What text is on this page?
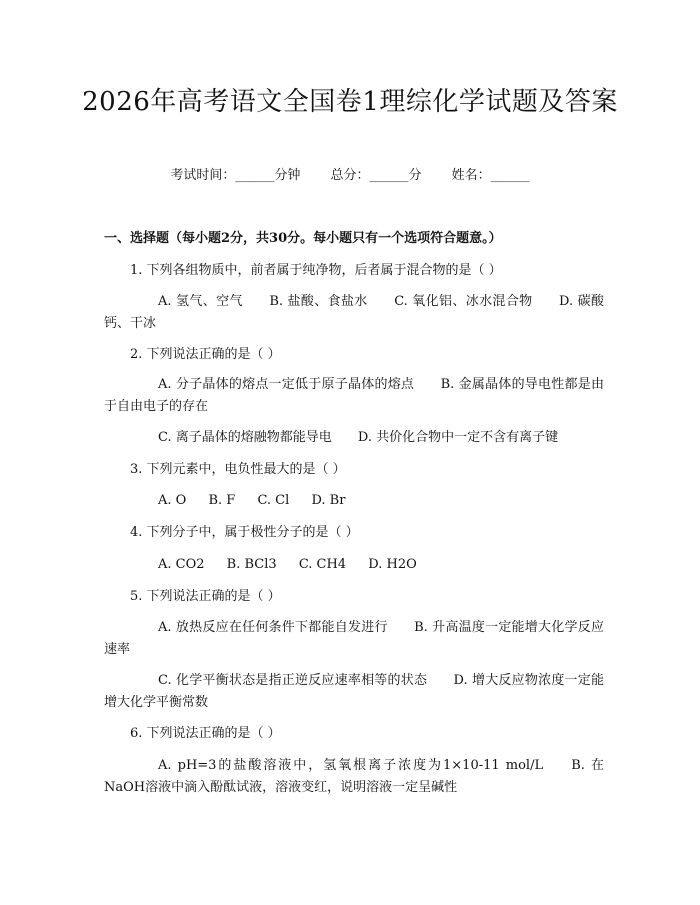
2026年高考语文全国卷1理综化学试题及答案
考试时间：______分钟 总分：______分 姓名：______
一、选择题（每小题2分，共30分。每小题只有一个选项符合题意。）
1. 下列各组物质中，前者属于纯净物，后者属于混合物的是（ ）
A. 氢气、空气 B. 盐酸、食盐水 C. 氧化铝、冰水混合物 D. 碳酸钙、干冰
2. 下列说法正确的是（ ）
A. 分子晶体的熔点一定低于原子晶体的熔点 B. 金属晶体的导电性都是由于自由电子的存在
C. 离子晶体的熔融物都能导电 D. 共价化合物中一定不含有离子键
3. 下列元素中，电负性最大的是（ ）
A. O B. F C. Cl D. Br
4. 下列分子中，属于极性分子的是（ ）
A. CO2 B. BCl3 C. CH4 D. H2O
5. 下列说法正确的是（ ）
A. 放热反应在任何条件下都能自发进行 B. 升高温度一定能增大化学反应速率
C. 化学平衡状态是指正逆反应速率相等的状态 D. 增大反应物浓度一定能增大化学平衡常数
6. 下列说法正确的是（ ）
A. pH=3的盐酸溶液中，氢氧根离子浓度为1×10-11 mol/L B. 在NaOH溶液中滴入酚酞试液，溶液变红，说明溶液一定呈碱性
